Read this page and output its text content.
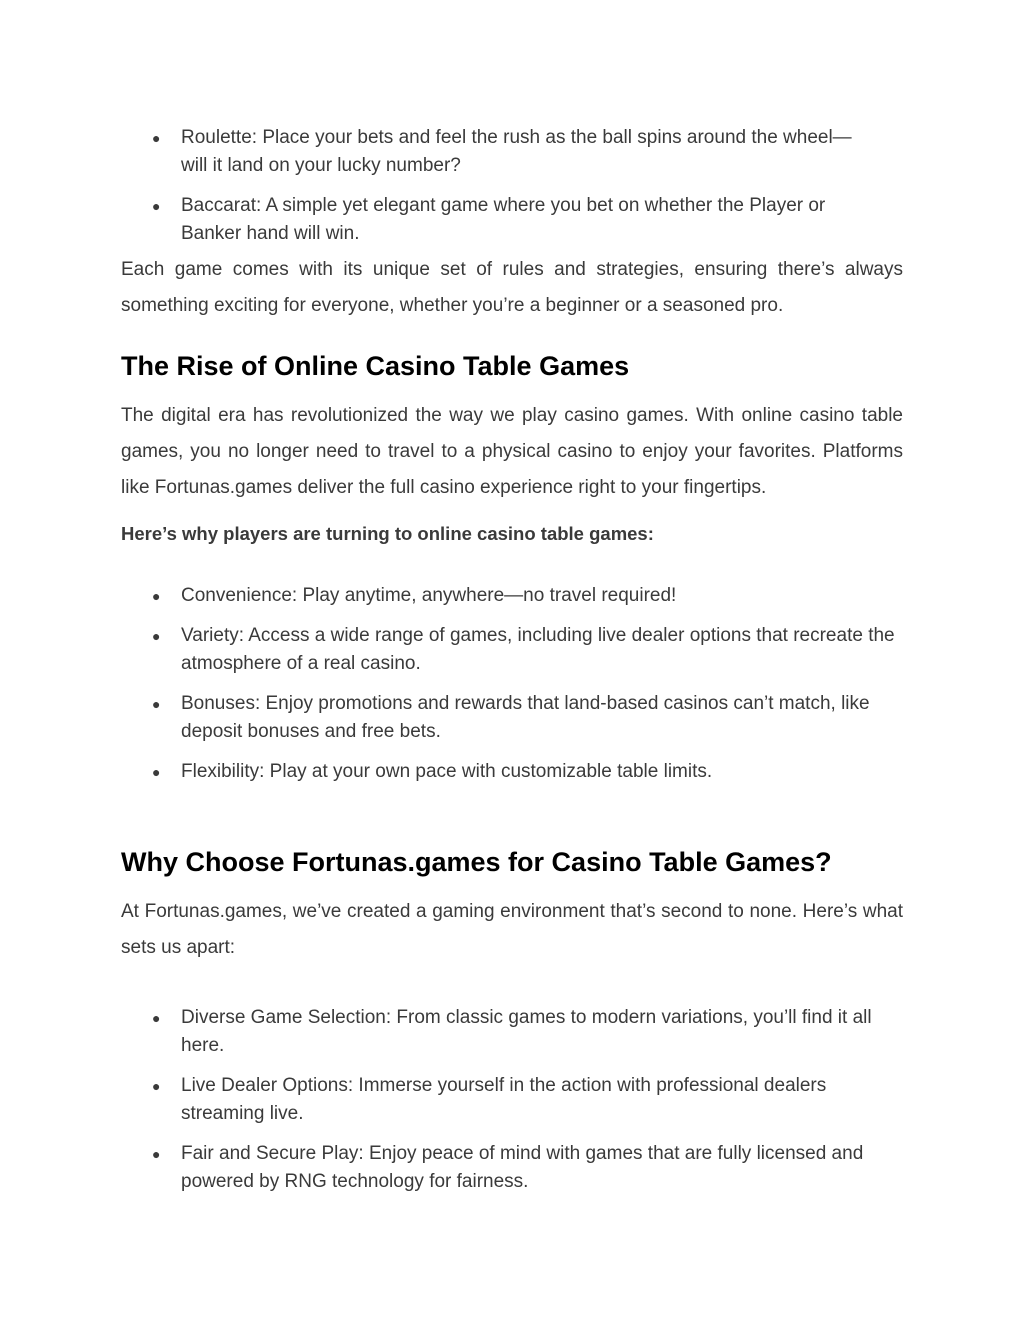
● Roulette: Place your bets and feel the rush as the ball spins around the wheel—will it land on your lucky number?
● Baccarat: A simple yet elegant game where you bet on whether the Player or Banker hand will win.

Each game comes with its unique set of rules and strategies, ensuring there’s always something exciting for everyone, whether you’re a beginner or a seasoned pro.

The Rise of Online Casino Table Games

The digital era has revolutionized the way we play casino games. With online casino table games, you no longer need to travel to a physical casino to enjoy your favorites. Platforms like Fortunas.games deliver the full casino experience right to your fingertips.

Here’s why players are turning to online casino table games:

● Convenience: Play anytime, anywhere—no travel required!
● Variety: Access a wide range of games, including live dealer options that recreate the atmosphere of a real casino.
● Bonuses: Enjoy promotions and rewards that land-based casinos can’t match, like deposit bonuses and free bets.
● Flexibility: Play at your own pace with customizable table limits.
Why Choose Fortunas.games for Casino Table Games?

At Fortunas.games, we’ve created a gaming environment that’s second to none. Here’s what sets us apart:

● Diverse Game Selection: From classic games to modern variations, you’ll find it all here.
● Live Dealer Options: Immerse yourself in the action with professional dealers streaming live.
● Fair and Secure Play: Enjoy peace of mind with games that are fully licensed and powered by RNG technology for fairness.
